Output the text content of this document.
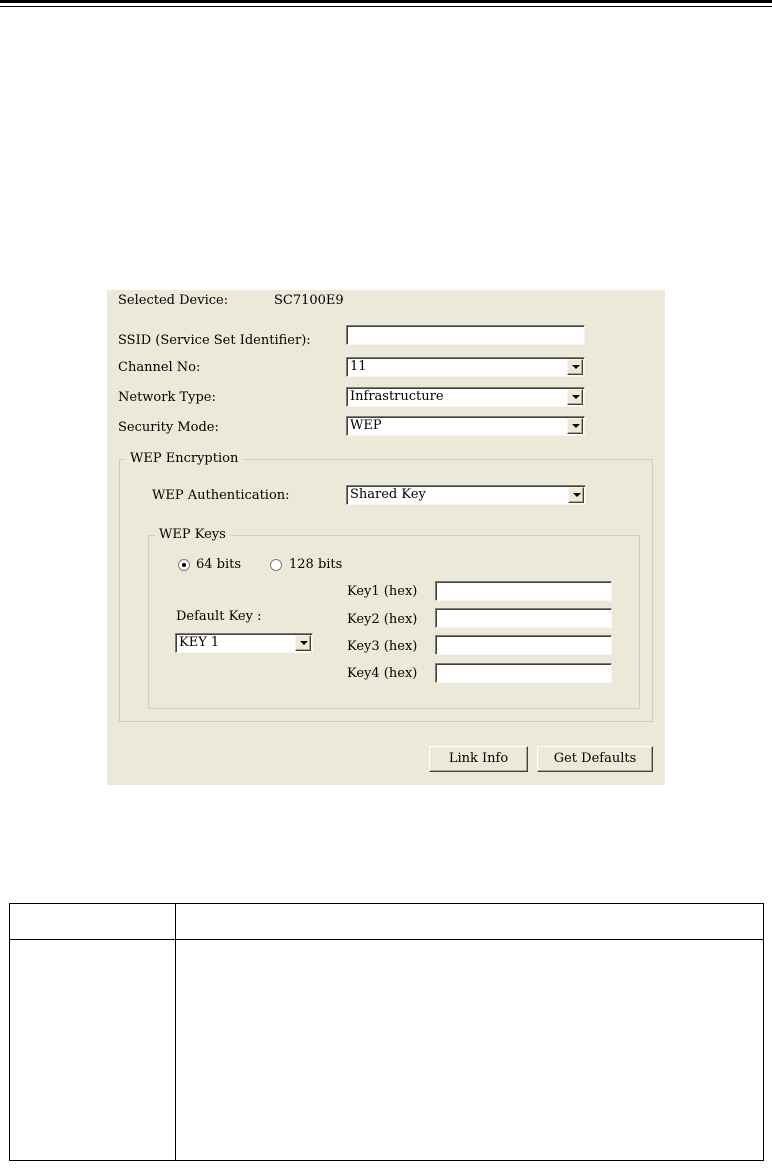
Selected Device:	SC7100E9
SSID (Service Set Identifier):
Channel No:	11
Network Type:	Infrastructure
Security Mode:	WEP
WEP Encryption
WEP Authentication:	Shared Key
WEP Keys
64 bits	128 bits
Default Key :
KEY 1
Key1 (hex)
Key2 (hex)
Key3 (hex)
Key4 (hex)
Link Info	Get Defaults
